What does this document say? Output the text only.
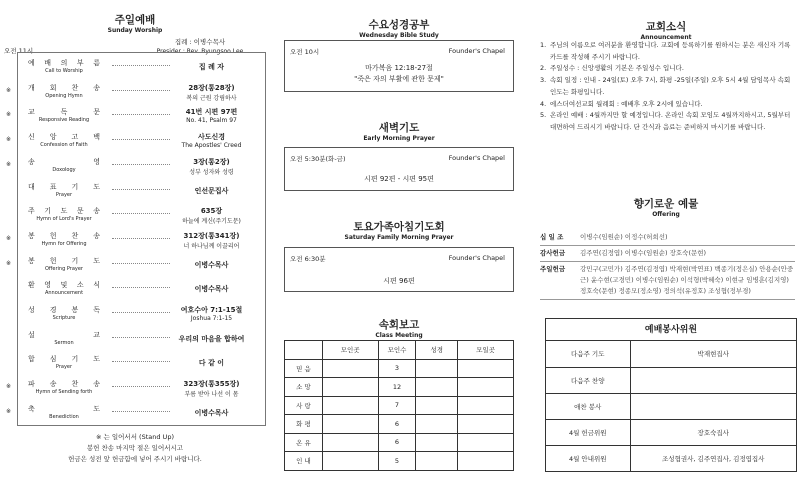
주일예배
Sunday Worship
집례 : 이병수목사
Presider : Rev. Byungsoo Lee
오전 11시
예 배 의 부 름
Call to Worship	집 례 자
※ 개 회 찬 송
Opening Hymn
28장(통28장)
복의 근원 강림하사
※ 교	독	문
Responsive Reading
41번 시편 97편
No. 41, Psalm 97
※ 신 앙 고 백
Confession of Faith
사도신경
The Apostles' Creed
※ 송	영
Doxology
3장(통2장)
성부 성자와 성령
대 표 기 도
Prayer	인선문집사
주 기 도 문 송
Hymn of Lord's Prayer
635장
하늘에 계신(주기도문)
※ 봉 헌 찬 송
Hymn for Offering
312장(통341장)
너 하나님께 이끌리어
※ 봉 헌 기 도
Offering Prayer	이병수목사
환 영 및 소 식
Announcement	이병수목사
성 경 봉 독
Scripture
여호수아 7:1-15절
Joshua 7:1-15
설	교
Sermon	우리의 마음을 합하여
합 심 기 도
Prayer	다 같 이
※ 파 송 찬 송
Hymn of Sending forth
323장(통355장)
부름 받아 나선 이 몸
※ 축	도
Benediction	이병수목사
※ 는 일어서서 (Stand Up)
봉헌 찬송 마지막 절은 일어서시고
헌금은 성전 앞 헌금함에 넣어 주시기 바랍니다.
수요성경공부
Wednesday Bible Study
오전 10시	Founder's Chapel
마가복음 12:18-27절
"죽은 자의 부활에 관한 문제"
새벽기도
Early Morning Prayer
오전 5:30분(화-금)	Founder's Chapel
시편 92편 - 시편 95편
토요가족아침기도회
Saturday Family Morning Prayer
오전 6:30분	Founder's Chapel
시편 96편
속회보고
Class Meeting
	모인곳	모인수	성경	모일곳
믿 음		3		
소 망		12		
사 랑		7		
화 평		6		
온 유		6		
인 내		5		
교회소식
Announcement
1. 주님의 이름으로 여러분을 환영합니다. 교회에 등록하기를 원하시는 분은 새신자 기록카드를 작성해 주시기 바랍니다.
2. 주일성수 : 신앙생활의 기본은 주일성수 입니다.
3. 속회 일정 : 인내 - 24일(토) 오후 7시, 화평 -25일(주일) 오후 5시 4월 담임목사 속회인도는 화평입니다.
4. 에스더여선교회 월례회 : 예배후 오후 2시에 있습니다.
5. 온라인 예배 : 4월까지만 할 예정입니다. 온라인 속회 모임도 4월까지하시고, 5월부터 대면하여 드리시기 바랍니다. 단 간식과 음료는 준비하지 마시기를 바랍니다.
향기로운 예물
Offering
십 일 조	이병수(임원순) 이정수(허희선)
감사헌금	김주연(김정엽) 이병수(임원순) 장호숙(문현)
주일헌금	강민구(고민가) 김주연(김정엽) 박재현(박연표) 백종기(정은실) 안용순(안중근) 윤수현(고경민) 이병수(임원순) 이석형(박혜숙) 이현규 임병훈(김지영) 정호숙(문현) 정종모(정소영) 정의석(유정호) 조성협(정부경)
예배봉사위원
다음주 기도	박재현집사
다음주 찬양	
애찬 봉사	
4월 헌금위원	장호숙집사
4월 안내위원	조성협권사, 김주연집사, 김정엽집사
